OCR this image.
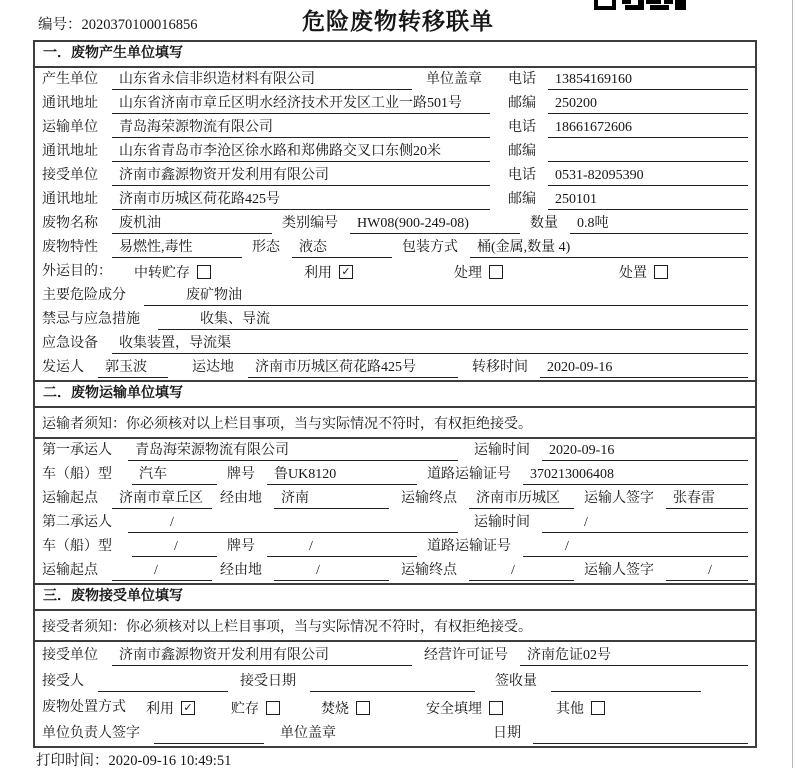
编号：2020370100016856	危险废物转移联单
一．废物产生单位填写
产生单位	山东省永信非织造材料有限公司	单位盖章	电话	13854169160
通讯地址	山东省济南市章丘区明水经济技术开发区工业一路501号	邮编	250200
运输单位	青岛海荣源物流有限公司	电话	18661672606
通讯地址	山东省青岛市李沧区徐水路和郑佛路交叉口东侧20米	邮编
接受单位	济南市鑫源物资开发利用有限公司	电话	0531-82095390
通讯地址	济南市历城区荷花路425号	邮编	250101
废物名称	废机油	类别编号	HW08(900-249-08)	数量	0.8吨
废物特性	易燃性,毒性	形态	液态	包装方式	桶(金属,数量 4)
外运目的：	中转贮存	利用 ✓	处理	处置
主要危险成分	废矿物油
禁忌与应急措施	收集、导流
应急设备	收集装置，导流渠
发运人	郭玉波	运达地	济南市历城区荷花路425号	转移时间	2020-09-16
二．废物运输单位填写
运输者须知：你必须核对以上栏目事项，当与实际情况不符时，有权拒绝接受。
第一承运人	青岛海荣源物流有限公司	运输时间	2020-09-16
车（船）型	汽车	牌号	鲁UK8120	道路运输证号	370213006408
运输起点	济南市章丘区	经由地	济南	运输终点	济南市历城区	运输人签字	张春雷
第二承运人	/	运输时间	/
车（船）型	/	牌号	/	道路运输证号	/
运输起点	/	经由地	/	运输终点	/	运输人签字	/
三．废物接受单位填写
接受者须知：你必须核对以上栏目事项，当与实际情况不符时，有权拒绝接受。
接受单位	济南市鑫源物资开发利用有限公司	经营许可证号	济南危证02号
接受人	接受日期	签收量
废物处置方式	利用 ✓	贮存	焚烧	安全填埋	其他
单位负责人签字	单位盖章	日期
打印时间：2020-09-16 10:49:51
